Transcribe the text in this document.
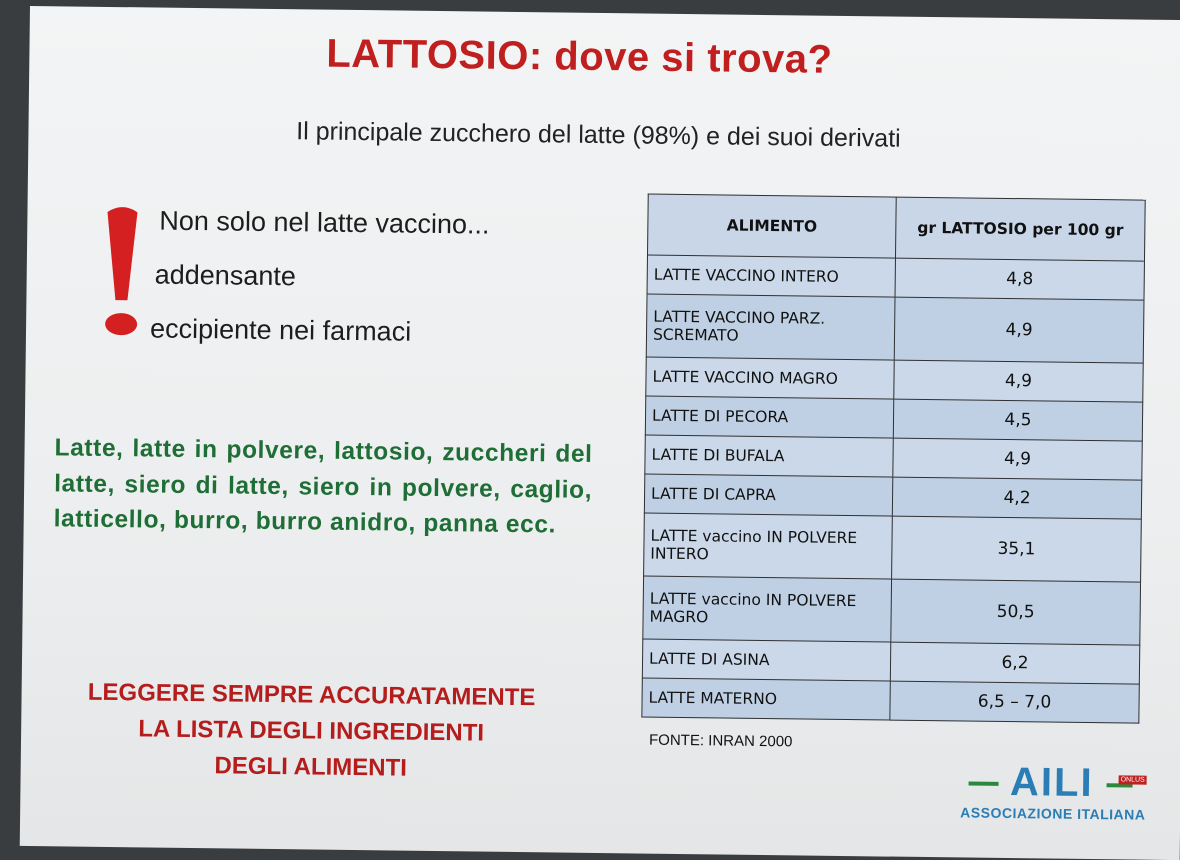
LATTOSIO: dove si trova?
Il principale zucchero del latte (98%) e dei suoi derivati
Non solo nel latte vaccino...
addensante
eccipiente nei farmaci
Latte, latte in polvere, lattosio, zuccheri del latte, siero di latte, siero in polvere, caglio, latticello, burro, burro anidro, panna ecc.
LEGGERE SEMPRE ACCURATAMENTE
LA LISTA DEGLI INGREDIENTI
DEGLI ALIMENTI
ALIMENTO	gr LATTOSIO per 100 gr
LATTE VACCINO INTERO	4,8
LATTE VACCINO PARZ. SCREMATO	4,9
LATTE VACCINO MAGRO	4,9
LATTE DI PECORA	4,5
LATTE DI BUFALA	4,9
LATTE DI CAPRA	4,2
LATTE vaccino IN POLVERE INTERO	35,1
LATTE vaccino IN POLVERE MAGRO	50,5
LATTE DI ASINA	6,2
LATTE MATERNO	6,5 – 7,0
FONTE: INRAN 2000
AILI	ONLUS
ASSOCIAZIONE ITALIANA
